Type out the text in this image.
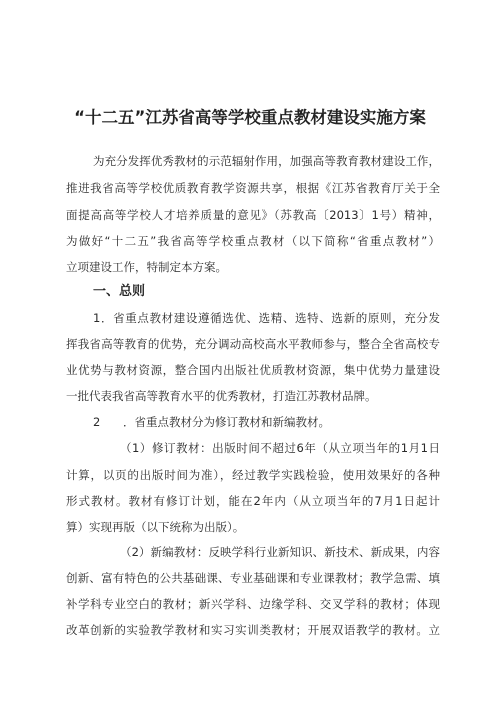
“十二五”江苏省高等学校重点教材建设实施方案
为充分发挥优秀教材的示范辐射作用，加强高等教育教材建设工作，
推进我省高等学校优质教育教学资源共享，根据《江苏省教育厅关于全
面提高高等学校人才培养质量的意见》（苏教高〔2013〕1号）精神，
为做好“十二五”我省高等学校重点教材（以下简称“省重点教材”）
立项建设工作，特制定本方案。
一、总则
1．省重点教材建设遵循选优、选精、选特、选新的原则，充分发
挥我省高等教育的优势，充分调动高校高水平教师参与，整合全省高校专
业优势与教材资源，整合国内出版社优质教材资源，集中优势力量建设
一批代表我省高等教育水平的优秀教材，打造江苏教材品牌。
2 ．省重点教材分为修订教材和新编教材。
（1）修订教材：出版时间不超过6年（从立项当年的1月1日
计算，以页的出版时间为准），经过教学实践检验，使用效果好的各种
形式教材。教材有修订计划，能在2年内（从立项当年的7月1日起计
算）实现再版（以下统称为出版）。
（2）新编教材：反映学科行业新知识、新技术、新成果，内容
创新、富有特色的公共基础课、专业基础课和专业课教材；教学急需、填
补学科专业空白的教材；新兴学科、边缘学科、交叉学科的教材；体现
改革创新的实验教学教材和实习实训类教材；开展双语教学的教材。立
